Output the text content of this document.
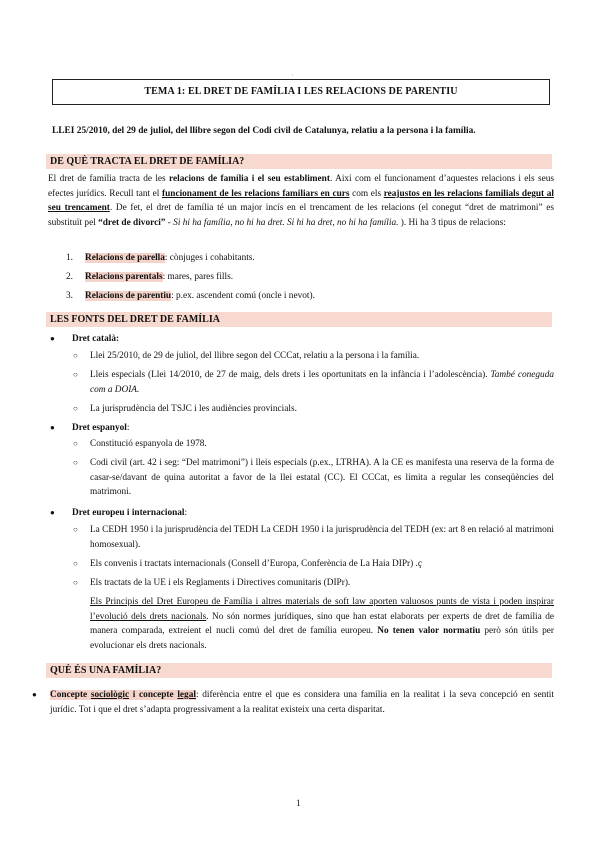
,
TEMA 1: EL DRET DE FAMÍLIA I LES RELACIONS DE PARENTIU
LLEI 25/2010, del 29 de juliol, del llibre segon del Codi civil de Catalunya, relatiu a la persona i la família.
DE QUÈ TRACTA EL DRET DE FAMÍLIA?

El dret de família tracta de les relacions de família i el seu establiment. Així com el funcionament d’aquestes relacions i els seus efectes jurídics. Recull tant el funcionament de les relacions familiars en curs com els reajustos en les relacions familials degut al seu trencament. De fet, el dret de família té un major incís en el trencament de les relacions (el conegut “dret de matrimoni” es substituït pel “dret de divorci” - Si hi ha família, no hi ha dret. Si hi ha dret, no hi ha família. ). Hi ha 3 tipus de relacions:

1. Relacions de parella: cònjuges i cohabitants.
2. Relacions parentals: mares, pares fills.
3. Relacions de parentiu: p.ex. ascendent comú (oncle i nevot).
LES FONTS DEL DRET DE FAMÍLIA
● Dret català:
○ Llei 25/2010, de 29 de juliol, del llibre segon del CCCat, relatiu a la persona i la família.
○ Lleis especials (Llei 14/2010, de 27 de maig, dels drets i les oportunitats en la infància i l’adolescència). També coneguda com a DOIA.
○ La jurisprudència del TSJC i les audiències provincials.
● Dret espanyol:
○ Constitució espanyola de 1978.
○ Codi civil (art. 42 i seg: “Del matrimoni”) i lleis especials (p.ex., LTRHA). A la CE es manifesta una reserva de la forma de casar-se/davant de quina autoritat a favor de la llei estatal (CC). El CCCat, es limita a regular les conseqüències del matrimoni.
● Dret europeu i internacional:
○ La CEDH 1950 i la jurisprudència del TEDH La CEDH 1950 i la jurisprudència del TEDH (ex: art 8 en relació al matrimoni homosexual).
○ Els convenis i tractats internacionals (Consell d’Europa, Conferència de La Haia DIPr) .ç
○ Els tractats de la UE i els Reglaments i Directives comunitaris (DIPr).
Els Principis del Dret Europeu de Família i altres materials de soft law aporten valuosos punts de vista i poden inspirar l’evolució dels drets nacionals. No són normes jurídiques, sino que han estat elaborats per experts de dret de família de manera comparada, extreient el nucli comú del dret de família europeu. No tenen valor normatiu però són útils per evolucionar els drets nacionals.
QUÈ ÉS UNA FAMÍLIA?
● Concepte sociològic i concepte legal: diferència entre el que es considera una família en la realitat i la seva concepció en sentit jurídic. Tot i que el dret s’adapta progressivament a la realitat existeix una certa disparitat.
1
